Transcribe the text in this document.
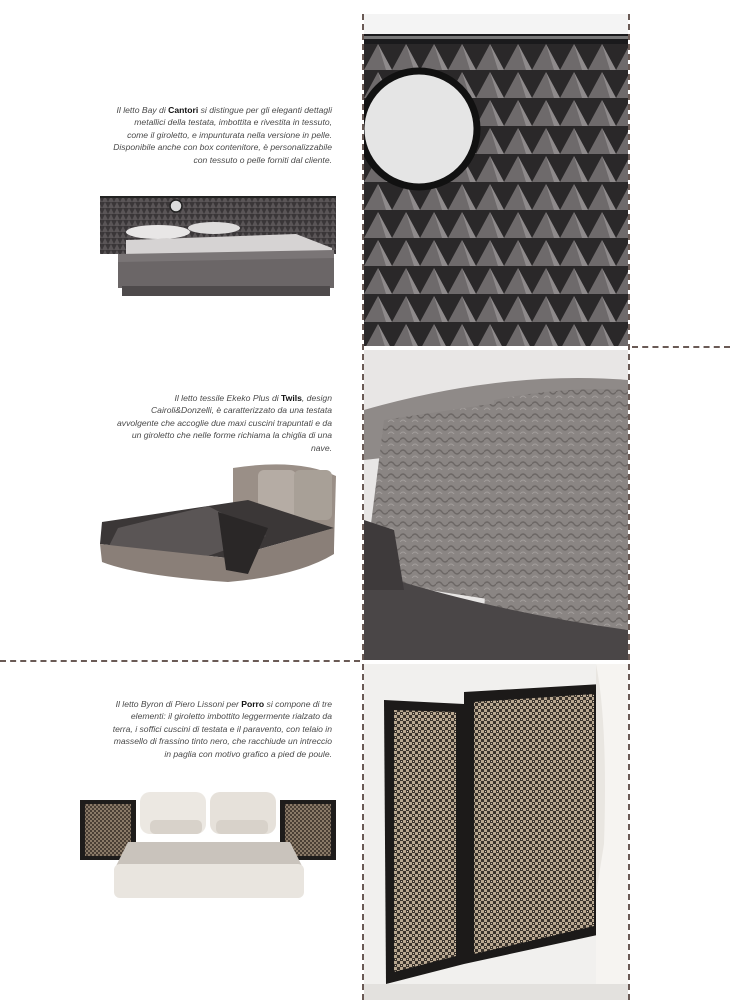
Il letto Bay di Cantori si distingue per gli eleganti dettagli metallici della testata, imbottita e rivestita in tessuto, come il giroletto, e impunturata nella versione in pelle. Disponibile anche con box contenitore, è personalizzabile con tessuto o pelle forniti dal cliente.
Il letto tessile Ekeko Plus di Twils, design Cairoli&Donzelli, è caratterizzato da una testata avvolgente che accoglie due maxi cuscini trapuntati e da un giroletto che nelle forme richiama la chiglia di una nave.
Il letto Byron di Piero Lissoni per Porro si compone di tre elementi: il giroletto imbottito leggermente rialzato da terra, i soffici cuscini di testata e il paravento, con telaio in massello di frassino tinto nero, che racchiude un intreccio in paglia con motivo grafico a pied de poule.
